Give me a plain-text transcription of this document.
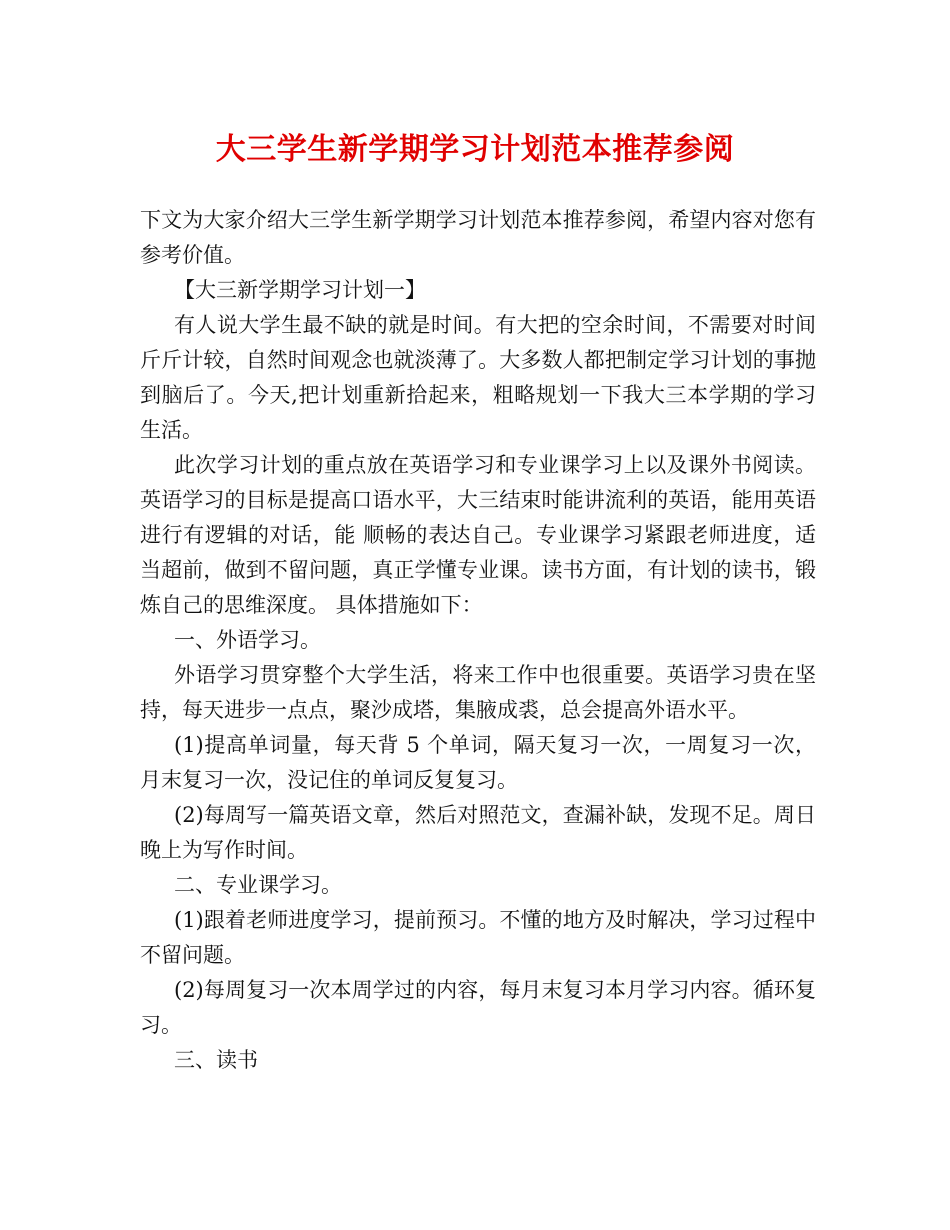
大三学生新学期学习计划范本推荐参阅

下文为大家介绍大三学生新学期学习计划范本推荐参阅，希望内容对您有参考价值。

【大三新学期学习计划一】

有人说大学生最不缺的就是时间。有大把的空余时间，不需要对时间斤斤计较，自然时间观念也就淡薄了。大多数人都把制定学习计划的事抛到脑后了。今天,把计划重新拾起来，粗略规划一下我大三本学期的学习生活。

此次学习计划的重点放在英语学习和专业课学习上以及课外书阅读。英语学习的目标是提高口语水平，大三结束时能讲流利的英语，能用英语进行有逻辑的对话，能 顺畅的表达自己。专业课学习紧跟老师进度，适当超前，做到不留问题，真正学懂专业课。读书方面，有计划的读书，锻炼自己的思维深度。 具体措施如下：

一、外语学习。

外语学习贯穿整个大学生活，将来工作中也很重要。英语学习贵在坚持，每天进步一点点，聚沙成塔，集腋成裘，总会提高外语水平。

(1)提高单词量，每天背 5 个单词，隔天复习一次，一周复习一次，月末复习一次，没记住的单词反复复习。

(2)每周写一篇英语文章，然后对照范文，查漏补缺，发现不足。周日晚上为写作时间。

二、专业课学习。

(1)跟着老师进度学习，提前预习。不懂的地方及时解决，学习过程中不留问题。

(2)每周复习一次本周学过的内容，每月末复习本月学习内容。循环复习。

三、读书
